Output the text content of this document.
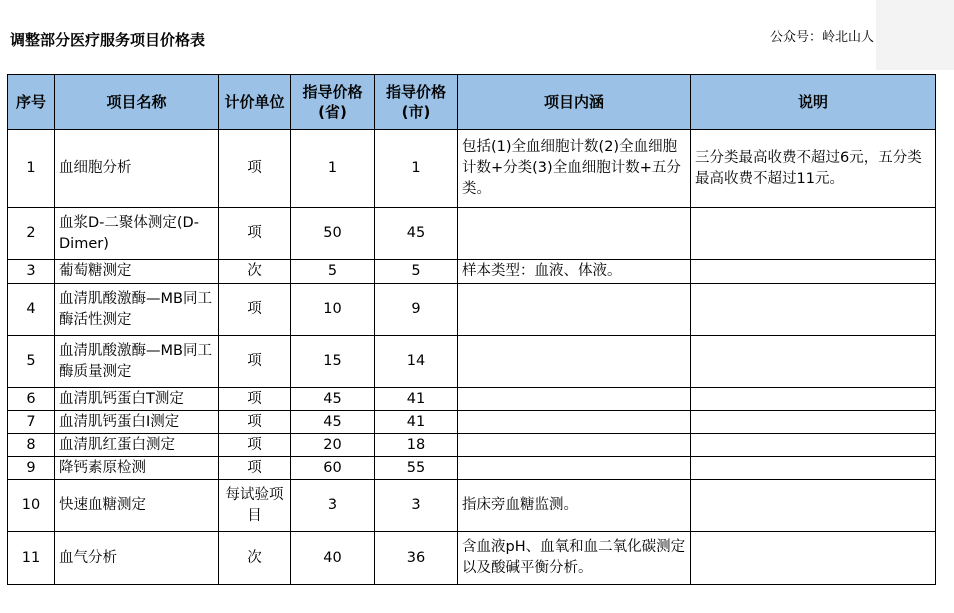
调整部分医疗服务项目价格表	公众号：岭北山人
序号	项目名称	计价单位	指导价格(省)	指导价格(市)	项目内涵	说明
1	血细胞分析	项	1	1	包括(1)全血细胞计数(2)全血细胞计数+分类(3)全血细胞计数+五分类。	三分类最高收费不超过6元，五分类最高收费不超过11元。
2	血浆D-二聚体测定(D-Dimer)	项	50	45		
3	葡萄糖测定	次	5	5	样本类型：血液、体液。	
4	血清肌酸激酶—MB同工酶活性测定	项	10	9		
5	血清肌酸激酶—MB同工酶质量测定	项	15	14		
6	血清肌钙蛋白T测定	项	45	41		
7	血清肌钙蛋白I测定	项	45	41		
8	血清肌红蛋白测定	项	20	18		
9	降钙素原检测	项	60	55		
10	快速血糖测定	每试验项目	3	3	指床旁血糖监测。	
11	血气分析	次	40	36	含血液pH、血氧和血二氧化碳测定以及酸碱平衡分析。	
